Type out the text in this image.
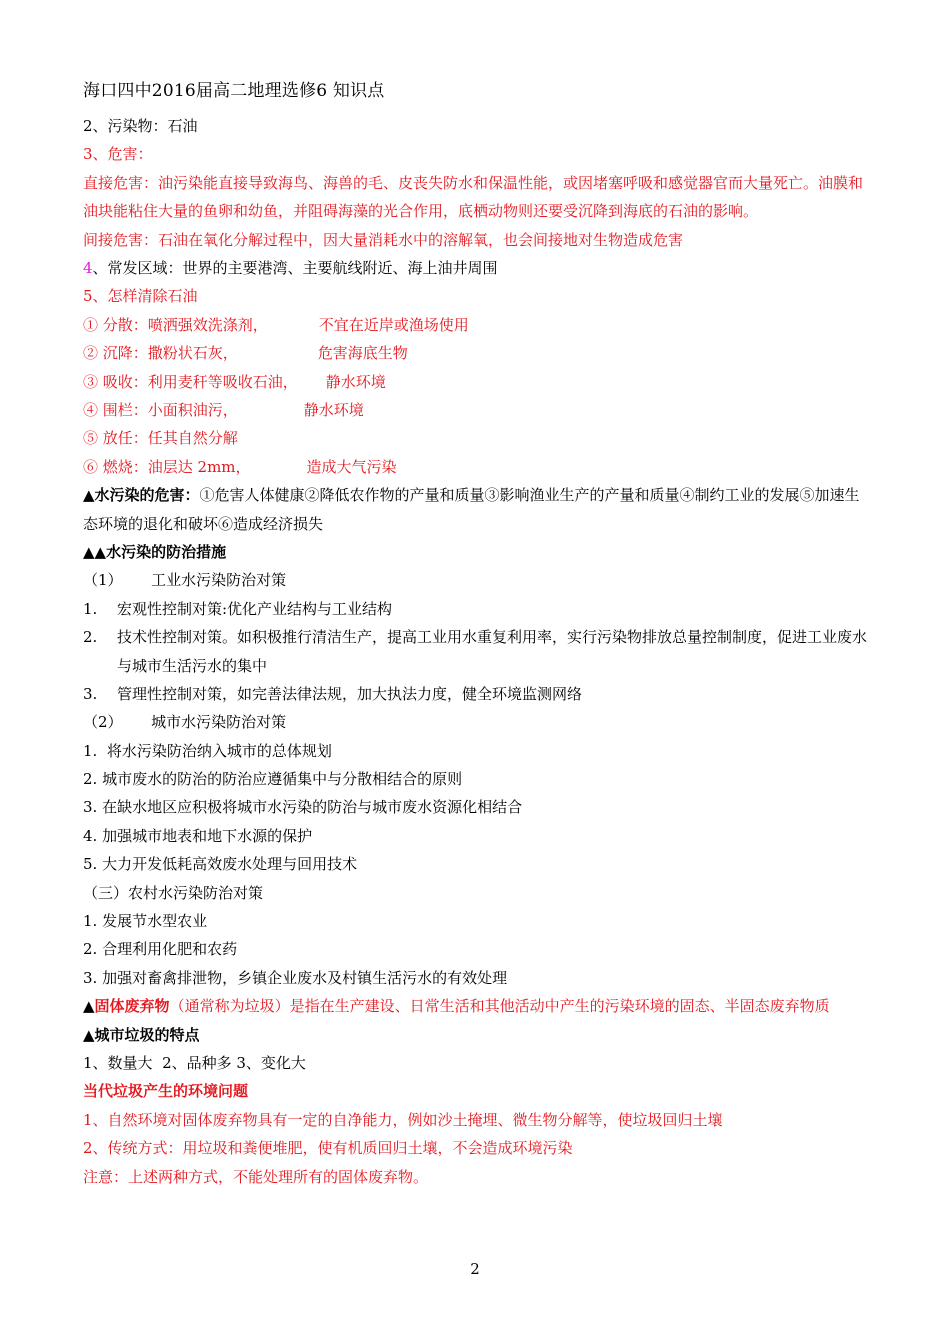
海口四中2016届高二地理选修6 知识点
2、污染物：石油
3、危害：
直接危害：油污染能直接导致海鸟、海兽的毛、皮丧失防水和保温性能，或因堵塞呼吸和感觉器官而大量死亡。油膜和油块能粘住大量的鱼卵和幼鱼，并阻碍海藻的光合作用，底栖动物则还要受沉降到海底的石油的影响。
间接危害：石油在氧化分解过程中，因大量消耗水中的溶解氧，也会间接地对生物造成危害
4、常发区域：世界的主要港湾、主要航线附近、海上油井周围
5、怎样清除石油
① 分散：喷洒强效洗涤剂，	不宜在近岸或渔场使用
② 沉降：撒粉状石灰，	危害海底生物
③ 吸收：利用麦秆等吸收石油， 静水环境
④ 围栏：小面积油污，	静水环境
⑤ 放任：任其自然分解
⑥ 燃烧：油层达 2mm，	造成大气污染
▲水污染的危害：①危害人体健康②降低农作物的产量和质量③影响渔业生产的产量和质量④制约工业的发展⑤加速生态环境的退化和破坏⑥造成经济损失
▲▲水污染的防治措施
（1）      工业水污染防治对策
1. 宏观性控制对策:优化产业结构与工业结构
2. 技术性控制对策。如积极推行清洁生产，提高工业用水重复利用率，实行污染物排放总量控制制度，促进工业废水与城市生活污水的集中
3. 管理性控制对策，如完善法律法规，加大执法力度，健全环境监测网络
（2）      城市水污染防治对策
1.  将水污染防治纳入城市的总体规划
2. 城市废水的防治的防治应遵循集中与分散相结合的原则
3. 在缺水地区应积极将城市水污染的防治与城市废水资源化相结合
4. 加强城市地表和地下水源的保护
5. 大力开发低耗高效废水处理与回用技术
（三）农村水污染防治对策
1. 发展节水型农业
2. 合理利用化肥和农药
3. 加强对畜禽排泄物，乡镇企业废水及村镇生活污水的有效处理
▲固体废弃物（通常称为垃圾）是指在生产建设、日常生活和其他活动中产生的污染环境的固态、半固态废弃物质
▲城市垃圾的特点
1、数量大  2、品种多 3、变化大
当代垃圾产生的环境问题
1、自然环境对固体废弃物具有一定的自净能力，例如沙土掩埋、微生物分解等，使垃圾回归土壤
2、传统方式：用垃圾和粪便堆肥，使有机质回归土壤，不会造成环境污染
注意：上述两种方式，不能处理所有的固体废弃物。
2
